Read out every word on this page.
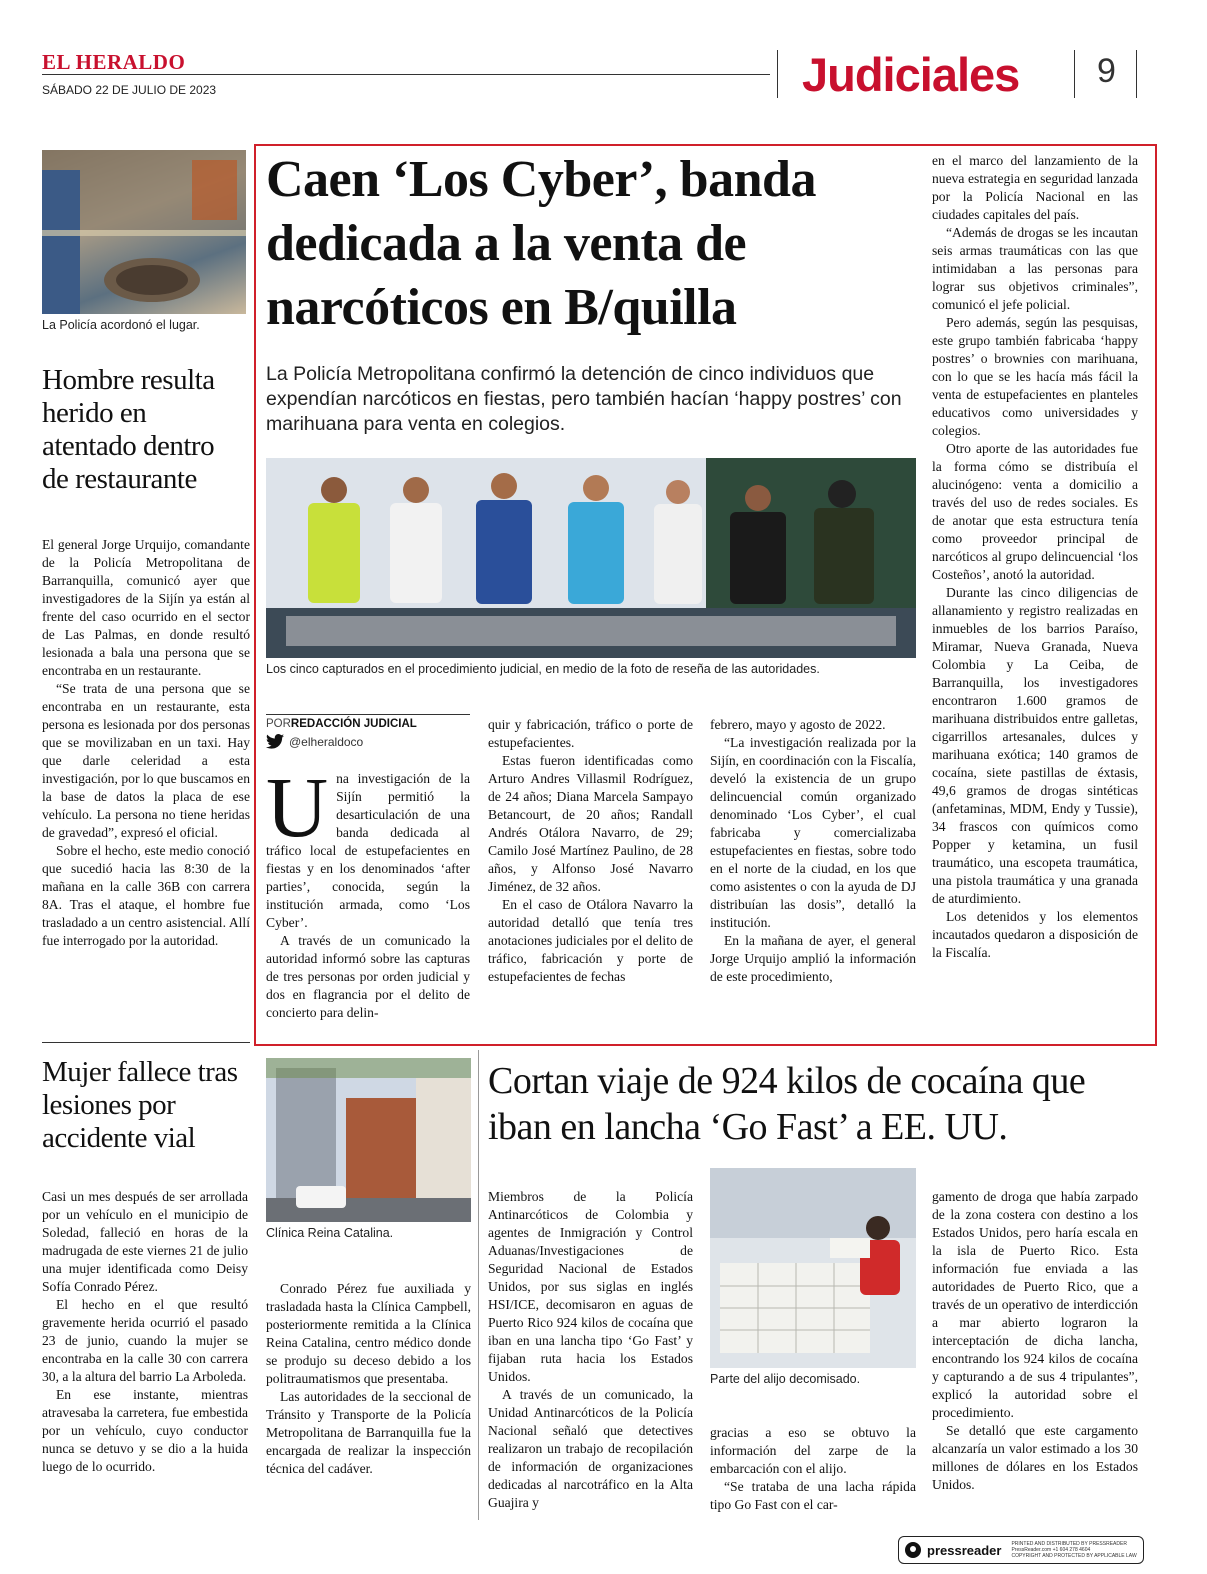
EL HERALDO
SÁBADO 22 DE JULIO DE 2023	Judiciales 9
La Policía acordonó el lugar.
Hombre resulta herido en atentado dentro de restaurante

El general Jorge Urquijo, comandante de la Policía Metropolitana de Barranquilla, comunicó ayer que investigadores de la Sijín ya están al frente del caso ocurrido en el sector de Las Palmas, en donde resultó lesionada a bala una persona que se encontraba en un restaurante.

“Se trata de una persona que se encontraba en un restaurante, esta persona es lesionada por dos personas que se movilizaban en un taxi. Hay que darle celeridad a esta investigación, por lo que buscamos en la base de datos la placa de ese vehículo. La persona no tiene heridas de gravedad”, expresó el oficial.

Sobre el hecho, este medio conoció que sucedió hacia las 8:30 de la mañana en la calle 36B con carrera 8A. Tras el ataque, el hombre fue trasladado a un centro asistencial. Allí fue interrogado por la autoridad.

Caen ‘Los Cyber’, banda dedicada a la venta de narcóticos en B/quilla
La Policía Metropolitana confirmó la detención de cinco individuos que expendían narcóticos en fiestas, pero también hacían ‘happy postres’ con marihuana para venta en colegios.
Los cinco capturados en el procedimiento judicial, en medio de la foto de reseña de las autoridades.
PORREDACCIÓN JUDICIAL
@elheraldoco
U na investigación de la Sijín permitió la desarticulación de una banda dedicada al tráfico local de estupefacientes en fiestas y en los denominados ‘after parties’, conocida, según la institución armada, como ‘Los Cyber’.

A través de un comunicado la autoridad informó sobre las capturas de tres personas por orden judicial y dos en flagrancia por el delito de concierto para delin-

quir y fabricación, tráfico o porte de estupefacientes.

Estas fueron identificadas como Arturo Andres Villasmil Rodríguez, de 24 años; Diana Marcela Sampayo Betancourt, de 20 años; Randall Andrés Otálora Navarro, de 29; Camilo José Martínez Paulino, de 28 años, y Alfonso José Navarro Jiménez, de 32 años.

En el caso de Otálora Navarro la autoridad detalló que tenía tres anotaciones judiciales por el delito de tráfico, fabricación y porte de estupefacientes de fechas

febrero, mayo y agosto de 2022.

“La investigación realizada por la Sijín, en coordinación con la Fiscalía, develó la existencia de un grupo delincuencial común organizado denominado ‘Los Cyber’, el cual fabricaba y comercializaba estupefacientes en fiestas, sobre todo en el norte de la ciudad, en los que como asistentes o con la ayuda de DJ distribuían las dosis”, detalló la institución.

En la mañana de ayer, el general Jorge Urquijo amplió la información de este procedimiento,

en el marco del lanzamiento de la nueva estrategia en seguridad lanzada por la Policía Nacional en las ciudades capitales del país.

“Además de drogas se les incautan seis armas traumáticas con las que intimidaban a las personas para lograr sus objetivos criminales”, comunicó el jefe policial.

Pero además, según las pesquisas, este grupo también fabricaba ‘happy postres’ o brownies con marihuana, con lo que se les hacía más fácil la venta de estupefacientes en planteles educativos como universidades y colegios.

Otro aporte de las autoridades fue la forma cómo se distribuía el alucinógeno: venta a domicilio a través del uso de redes sociales. Es de anotar que esta estructura tenía como proveedor principal de narcóticos al grupo delincuencial ‘los Costeños’, anotó la autoridad.

Durante las cinco diligencias de allanamiento y registro realizadas en inmuebles de los barrios Paraíso, Miramar, Nueva Granada, Nueva Colombia y La Ceiba, de Barranquilla, los investigadores encontraron 1.600 gramos de marihuana distribuidos entre galletas, cigarrillos artesanales, dulces y marihuana exótica; 140 gramos de cocaína, siete pastillas de éxtasis, 49,6 gramos de drogas sintéticas (anfetaminas, MDM, Endy y Tussie), 34 frascos con químicos como Popper y ketamina, un fusil traumático, una escopeta traumática, una pistola traumática y una granada de aturdimiento.

Los detenidos y los elementos incautados quedaron a disposición de la Fiscalía.

Mujer fallece tras lesiones por accidente vial
Clínica Reina Catalina.

Casi un mes después de ser arrollada por un vehículo en el municipio de Soledad, falleció en horas de la madrugada de este viernes 21 de julio una mujer identificada como Deisy Sofía Conrado Pérez.

El hecho en el que resultó gravemente herida ocurrió el pasado 23 de junio, cuando la mujer se encontraba en la calle 30 con carrera 30, a la altura del barrio La Arboleda.

En ese instante, mientras atravesaba la carretera, fue embestida por un vehículo, cuyo conductor nunca se detuvo y se dio a la huida luego de lo ocurrido.

Conrado Pérez fue auxiliada y trasladada hasta la Clínica Campbell, posteriormente remitida a la Clínica Reina Catalina, centro médico donde se produjo su deceso debido a los politraumatismos que presentaba.

Las autoridades de la seccional de Tránsito y Transporte de la Policía Metropolitana de Barranquilla fue la encargada de realizar la inspección técnica del cadáver.

Cortan viaje de 924 kilos de cocaína que iban en lancha ‘Go Fast’ a EE. UU.
Parte del alijo decomisado.

Miembros de la Policía Antinarcóticos de Colombia y agentes de Inmigración y Control Aduanas/Investigaciones de Seguridad Nacional de Estados Unidos, por sus siglas en inglés HSI/ICE, decomisaron en aguas de Puerto Rico 924 kilos de cocaína que iban en una lancha tipo ‘Go Fast’ y fijaban ruta hacia los Estados Unidos.

A través de un comunicado, la Unidad Antinarcóticos de la Policía Nacional señaló que detectives realizaron un trabajo de recopilación de información de organizaciones dedicadas al narcotráfico en la Alta Guajira y

gracias a eso se obtuvo la información del zarpe de la embarcación con el alijo.

“Se trataba de una lacha rápida tipo Go Fast con el car-

gamento de droga que había zarpado de la zona costera con destino a los Estados Unidos, pero haría escala en la isla de Puerto Rico. Esta información fue enviada a las autoridades de Puerto Rico, que a través de un operativo de interdicción a mar abierto lograron la interceptación de dicha lancha, encontrando los 924 kilos de cocaína y capturando a de sus 4 tripulantes”, explicó la autoridad sobre el procedimiento.

Se detalló que este cargamento alcanzaría un valor estimado a los 30 millones de dólares en los Estados Unidos.

pressreader PRINTED AND DISTRIBUTED BY PRESSREADER
PressReader.com +1 604 278 4604
COPYRIGHT AND PROTECTED BY APPLICABLE LAW
